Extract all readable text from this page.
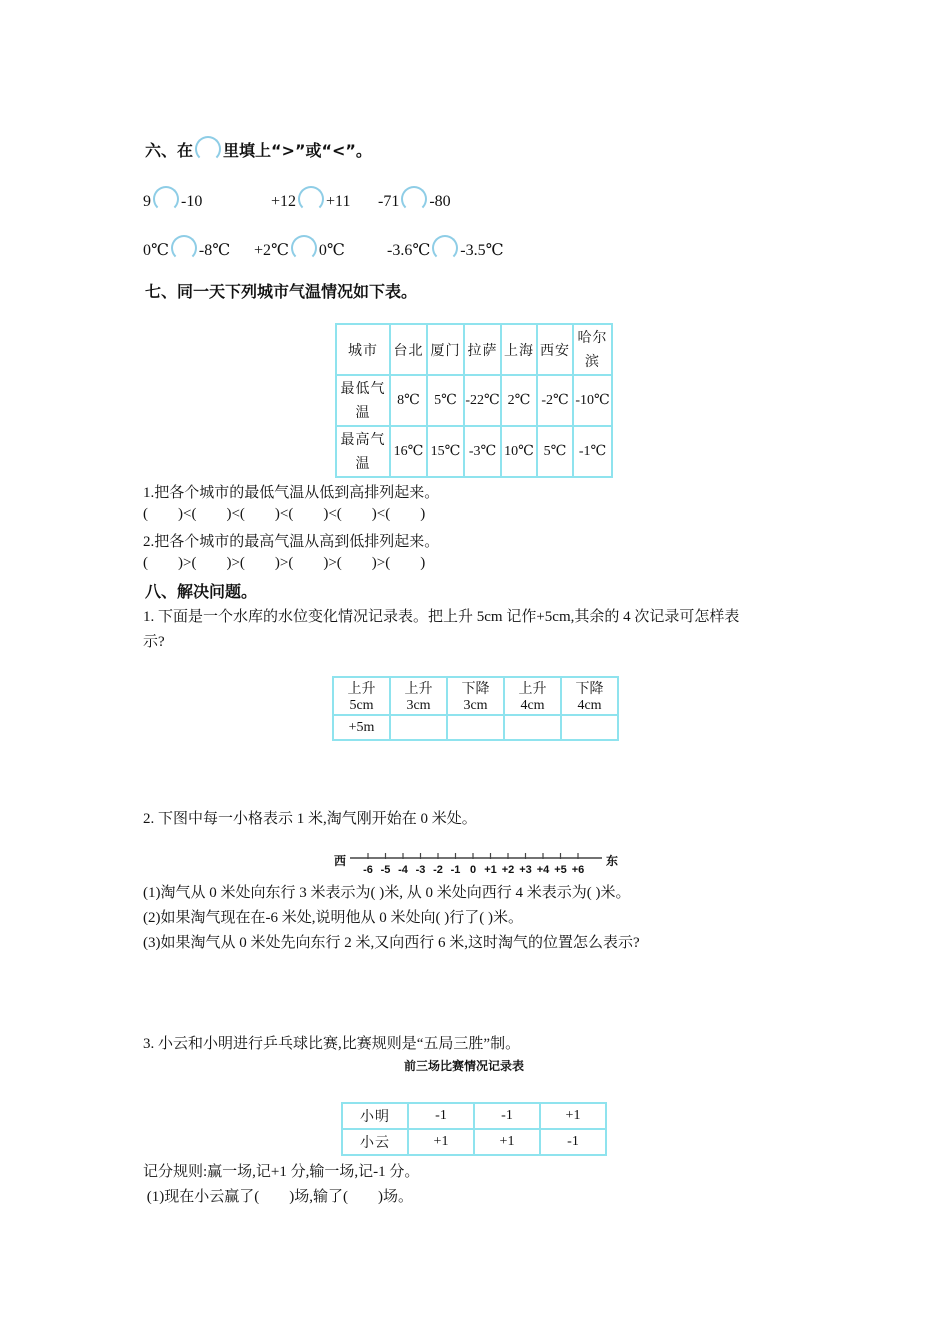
六、在 里填上“>”或“<”。
9 -10	+12 +11 -71 -80
0℃ -8℃ +2℃ 0℃	-3.6℃ -3.5℃
七、同一天下列城市气温情况如下表。
城市	台北	厦门	拉萨	上海	西安	哈尔
滨

最低气
温	8℃	5℃	-22℃	2℃	-2℃	-10℃

最高气
温	16℃	15℃	-3℃	10℃	5℃	-1℃
1.把各个城市的最低气温从低到高排列起来。
(        )<(        )<(        )<(        )<(        )<(        )
2.把各个城市的最高气温从高到低排列起来。
(        )>(        )>(        )>(        )>(        )>(        )
八、解决问题。
1. 下面是一个水库的水位变化情况记录表。把上升 5cm 记作+5cm,其余的 4 次记录可怎样表
示?
上升 5cm	上升 3cm	下降 3cm	上升 4cm	下降 4cm
+5m				
2. 下图中每一小格表示 1 米,淘气刚开始在 0 米处。
西	东
-6 -5 -4 -3 -2 -1 0 +1 +2 +3 +4 +5 +6
(1)淘气从 0 米处向东行 3 米表示为( )米, 从 0 米处向西行 4 米表示为( )米。
(2)如果淘气现在在-6 米处,说明他从 0 米处向( )行了( )米。
(3)如果淘气从 0 米处先向东行 2 米,又向西行 6 米,这时淘气的位置怎么表示?
3. 小云和小明进行乒乓球比赛,比赛规则是“五局三胜”制。
前三场比赛情况记录表
小明	-1	-1	+1
小云	+1	+1	-1
记分规则:赢一场,记+1 分,输一场,记-1 分。
(1)现在小云赢了(        )场,输了(        )场。
